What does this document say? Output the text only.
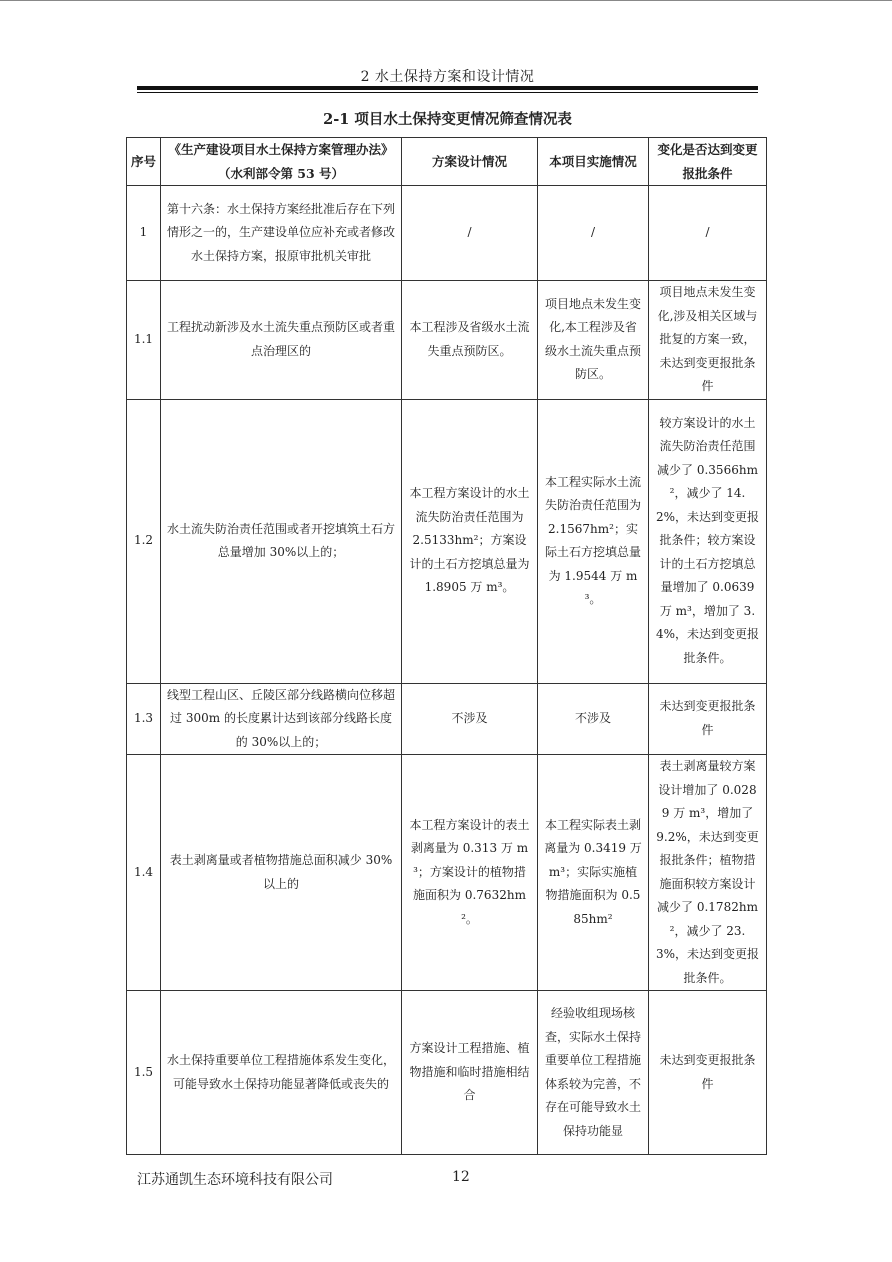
2 水土保持方案和设计情况
2-1 项目水土保持变更情况筛查情况表
序号	《生产建设项目水土保持方案管理办法》（水利部令第 53 号）	方案设计情况	本项目实施情况	变化是否达到变更报批条件
1	第十六条：水土保持方案经批准后存在下列情形之一的，生产建设单位应补充或者修改水土保持方案，报原审批机关审批	/	/	/
1.1	工程扰动新涉及水土流失重点预防区或者重点治理区的	本工程涉及省级水土流失重点预防区。	项目地点未发生变化,本工程涉及省级水土流失重点预防区。	项目地点未发生变化,涉及相关区域与批复的方案一致，未达到变更报批条件
1.2	水土流失防治责任范围或者开挖填筑土石方总量增加 30%以上的；	本工程方案设计的水土流失防治责任范围为 2.5133hm²；方案设计的土石方挖填总量为 1.8905 万 m³。	本工程实际水土流失防治责任范围为 2.1567hm²；实际土石方挖填总量为 1.9544 万 m³。	较方案设计的水土流失防治责任范围减少了 0.3566hm²，减少了 14.2%，未达到变更报批条件；较方案设计的土石方挖填总量增加了 0.0639 万 m³，增加了 3.4%，未达到变更报批条件。
1.3	线型工程山区、丘陵区部分线路横向位移超过 300m 的长度累计达到该部分线路长度的 30%以上的；	不涉及	不涉及	未达到变更报批条件
1.4	表土剥离量或者植物措施总面积减少 30%以上的	本工程方案设计的表土剥离量为 0.313 万 m³；方案设计的植物措施面积为 0.7632hm²。	本工程实际表土剥离量为 0.3419 万 m³；实际实施植物措施面积为 0.585hm²	表土剥离量较方案设计增加了 0.0289 万 m³，增加了 9.2%，未达到变更报批条件；植物措施面积较方案设计减少了 0.1782hm²，减少了 23.3%，未达到变更报批条件。
1.5	水土保持重要单位工程措施体系发生变化，可能导致水土保持功能显著降低或丧失的	方案设计工程措施、植物措施和临时措施相结合	经验收组现场核查，实际水土保持重要单位工程措施体系较为完善，不存在可能导致水土保持功能显	未达到变更报批条件
江苏通凯生态环境科技有限公司	12
